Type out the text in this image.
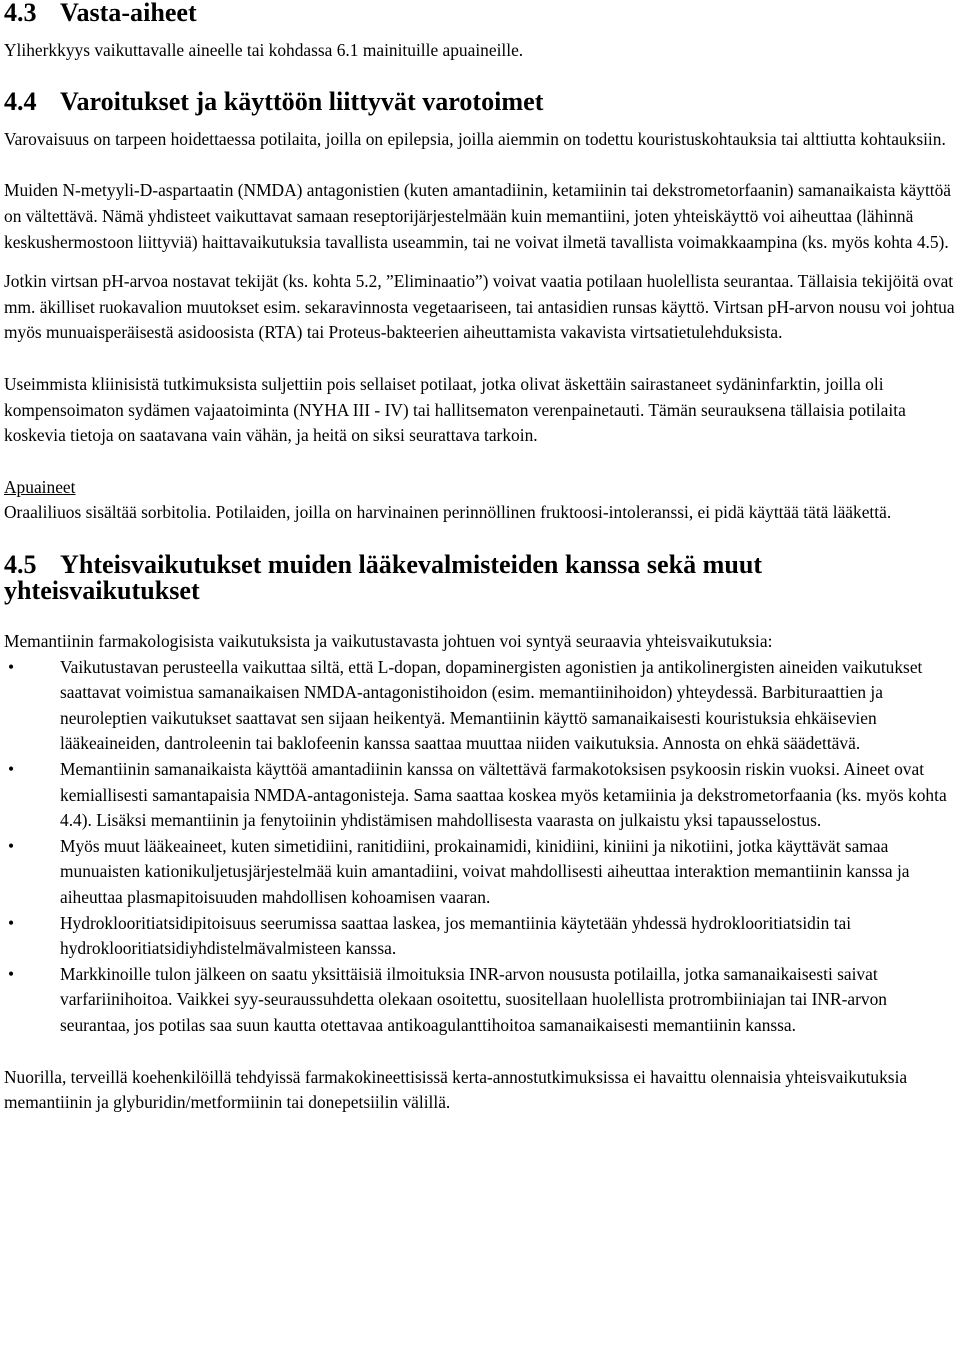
4.3 Vasta-aiheet

Yliherkkyys vaikuttavalle aineelle tai kohdassa 6.1 mainituille apuaineille.

4.4 Varoitukset ja käyttöön liittyvät varotoimet

Varovaisuus on tarpeen hoidettaessa potilaita, joilla on epilepsia, joilla aiemmin on todettu kouristuskohtauksia tai alttiutta kohtauksiin.

Muiden N-metyyli-D-aspartaatin (NMDA) antagonistien (kuten amantadiinin, ketamiinin tai dekstrometorfaanin) samanaikaista käyttöä on vältettävä. Nämä yhdisteet vaikuttavat samaan reseptorijärjestelmään kuin memantiini, joten yhteiskäyttö voi aiheuttaa (lähinnä keskushermostoon liittyviä) haittavaikutuksia tavallista useammin, tai ne voivat ilmetä tavallista voimakkaampina (ks. myös kohta 4.5).

Jotkin virtsan pH-arvoa nostavat tekijät (ks. kohta 5.2, ”Eliminaatio”) voivat vaatia potilaan huolellista seurantaa. Tällaisia tekijöitä ovat mm. äkilliset ruokavalion muutokset esim. sekaravinnosta vegetaariseen, tai antasidien runsas käyttö. Virtsan pH-arvon nousu voi johtua myös munuaisperäisestä asidoosista (RTA) tai Proteus-bakteerien aiheuttamista vakavista virtsatietulehduksista.

Useimmista kliinisistä tutkimuksista suljettiin pois sellaiset potilaat, jotka olivat äskettäin sairastaneet sydäninfarktin, joilla oli kompensoimaton sydämen vajaatoiminta (NYHA III - IV) tai hallitsematon verenpainetauti. Tämän seurauksena tällaisia potilaita koskevia tietoja on saatavana vain vähän, ja heitä on siksi seurattava tarkoin.

Apuaineet

Oraaliliuos sisältää sorbitolia. Potilaiden, joilla on harvinainen perinnöllinen fruktoosi-intoleranssi, ei pidä käyttää tätä lääkettä.

4.5 Yhteisvaikutukset muiden lääkevalmisteiden kanssa sekä muut yhteisvaikutukset

Memantiinin farmakologisista vaikutuksista ja vaikutustavasta johtuen voi syntyä seuraavia yhteisvaikutuksia:

•	Vaikutustavan perusteella vaikuttaa siltä, että L-dopan, dopaminergisten agonistien ja antikolinergisten aineiden vaikutukset saattavat voimistua samanaikaisen NMDA-antagonistihoidon (esim. memantiinihoidon) yhteydessä. Barbituraattien ja neuroleptien vaikutukset saattavat sen sijaan heikentyä. Memantiinin käyttö samanaikaisesti kouristuksia ehkäisevien lääkeaineiden, dantroleenin tai baklofeenin kanssa saattaa muuttaa niiden vaikutuksia. Annosta on ehkä säädettävä.
•	Memantiinin samanaikaista käyttöä amantadiinin kanssa on vältettävä farmakotoksisen psykoosin riskin vuoksi. Aineet ovat kemiallisesti samantapaisia NMDA-antagonisteja. Sama saattaa koskea myös ketamiinia ja dekstrometorfaania (ks. myös kohta 4.4). Lisäksi memantiinin ja fenytoiinin yhdistämisen mahdollisesta vaarasta on julkaistu yksi tapausselostus.
•	Myös muut lääkeaineet, kuten simetidiini, ranitidiini, prokainamidi, kinidiini, kiniini ja nikotiini, jotka käyttävät samaa munuaisten kationikuljetusjärjestelmää kuin amantadiini, voivat mahdollisesti aiheuttaa interaktion memantiinin kanssa ja aiheuttaa plasmapitoisuuden mahdollisen kohoamisen vaaran.
•	Hydroklooritiatsidipitoisuus seerumissa saattaa laskea, jos memantiinia käytetään yhdessä hydroklooritiatsidin tai hydroklooritiatsidiyhdistelmävalmisteen kanssa.
•	Markkinoille tulon jälkeen on saatu yksittäisiä ilmoituksia INR-arvon noususta potilailla, jotka samanaikaisesti saivat varfariinihoitoa. Vaikkei syy-seuraussuhdetta olekaan osoitettu, suositellaan huolellista protrombiiniajan tai INR-arvon seurantaa, jos potilas saa suun kautta otettavaa antikoagulanttihoitoa samanaikaisesti memantiinin kanssa.

Nuorilla, terveillä koehenkilöillä tehdyissä farmakokineettisissä kerta-annostutkimuksissa ei havaittu olennaisia yhteisvaikutuksia memantiinin ja glyburidin/metformiinin tai donepetsiilin välillä.
